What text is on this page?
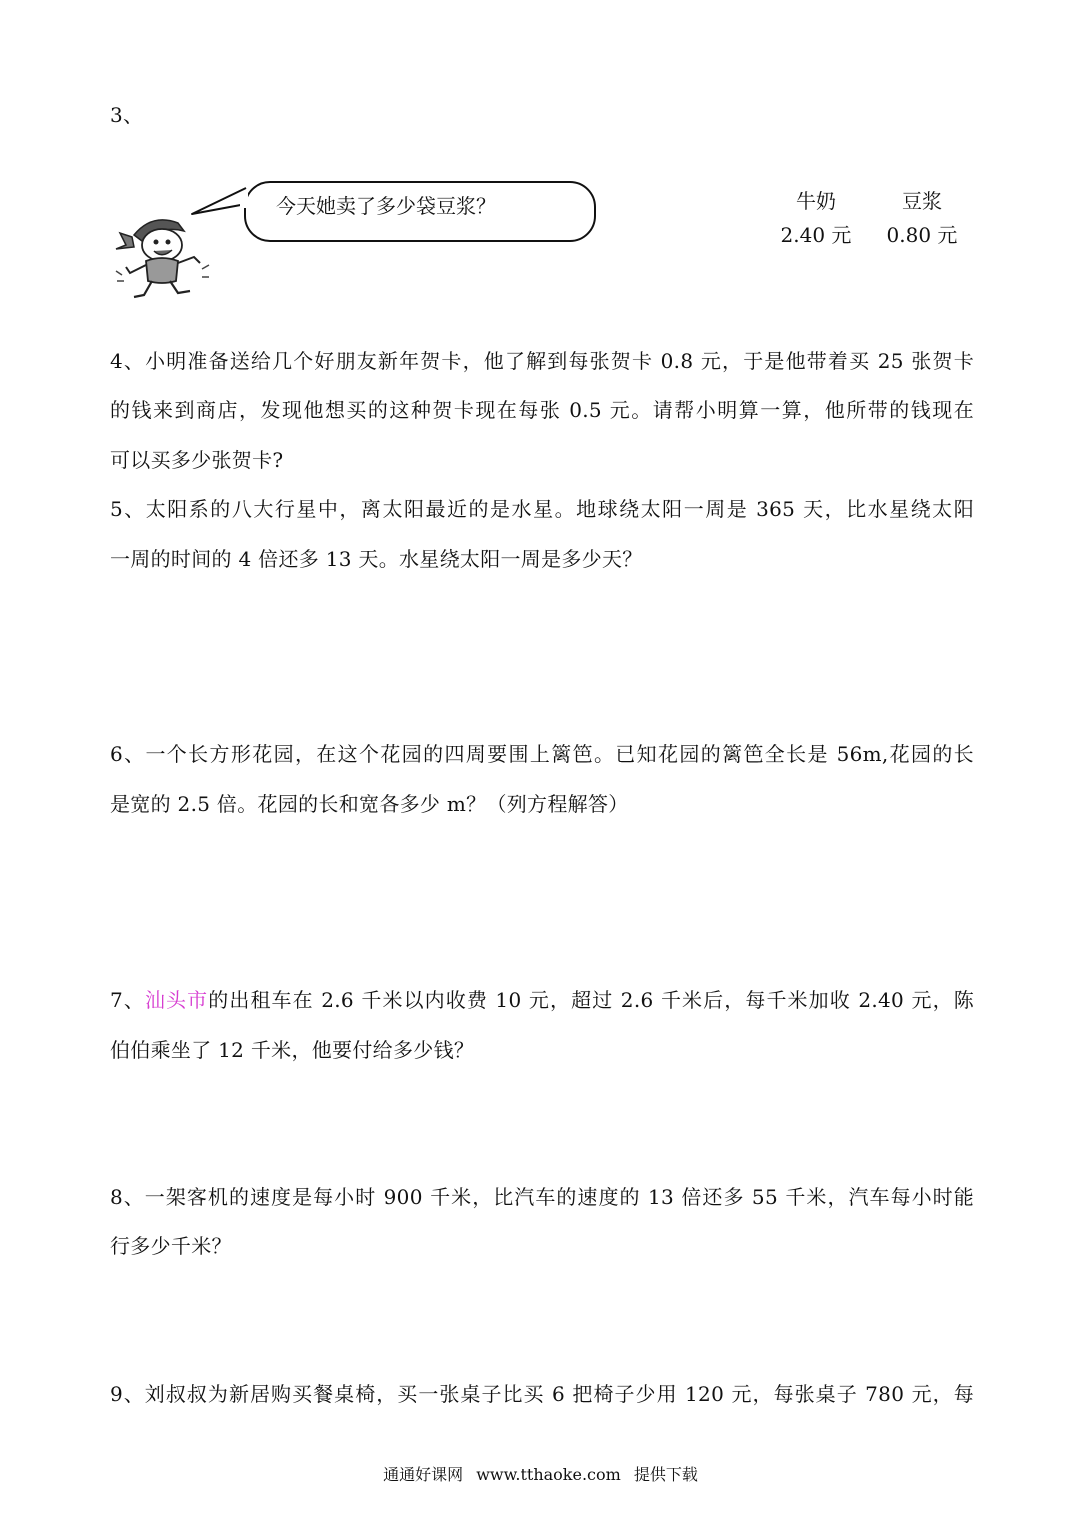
3、
今天她卖了多少袋豆浆？	牛奶
2.40 元
豆浆
0.80 元
4、小明准备送给几个好朋友新年贺卡，他了解到每张贺卡 0.8 元，于是他带着买 25 张贺卡
的钱来到商店，发现他想买的这种贺卡现在每张 0.5 元。请帮小明算一算，他所带的钱现在
可以买多少张贺卡?
5、太阳系的八大行星中，离太阳最近的是水星。地球绕太阳一周是 365 天，比水星绕太阳
一周的时间的 4 倍还多 13 天。水星绕太阳一周是多少天？
6、一个长方形花园，在这个花园的四周要围上篱笆。已知花园的篱笆全长是 56m,花园的长
是宽的 2.5 倍。花园的长和宽各多少 m？（列方程解答）
7、汕头市的出租车在 2.6 千米以内收费 10 元，超过 2.6 千米后，每千米加收 2.40 元，陈
伯伯乘坐了 12 千米，他要付给多少钱？
8、一架客机的速度是每小时 900 千米，比汽车的速度的 13 倍还多 55 千米，汽车每小时能
行多少千米？
9、刘叔叔为新居购买餐桌椅，买一张桌子比买 6 把椅子少用 120 元，每张桌子 780 元，每
通通好课网 www.tthaoke.com 提供下载
